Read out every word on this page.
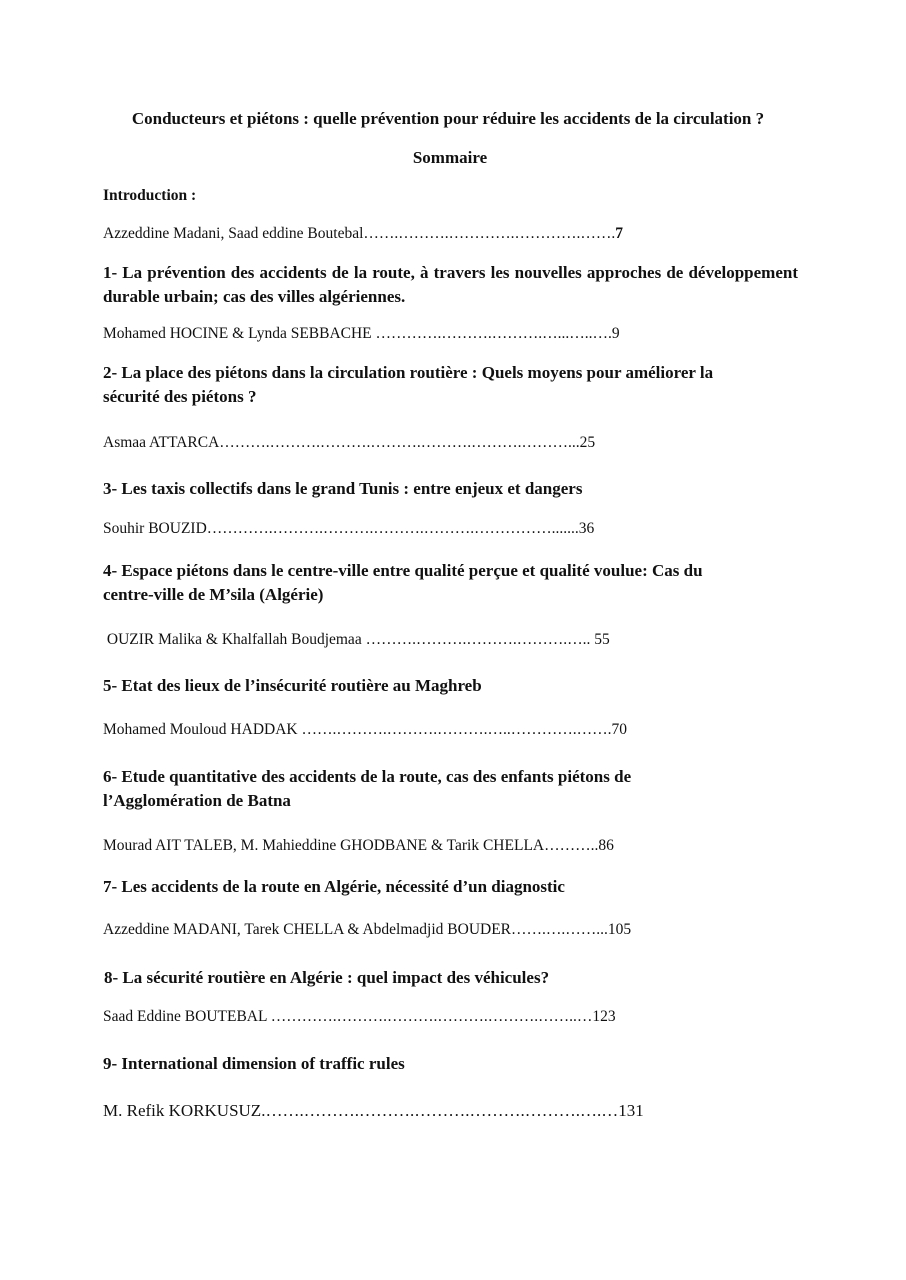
Conducteurs et piétons : quelle prévention pour réduire les accidents de la circulation ?
Sommaire
Introduction :
Azzeddine Madani, Saad eddine Boutebal…….……….………….………….…….7
1- La prévention des accidents de la route, à travers les nouvelles approches de développement durable urbain; cas des villes algériennes.
Mohamed HOCINE & Lynda SEBBACHE ………….……….……….…...…..….9
2- La place des piétons dans la circulation routière : Quels moyens pour améliorer la
sécurité des piétons ?
Asmaa ATTARCA……….……….……….……….……….……….………...25
3- Les taxis collectifs dans le grand Tunis : entre enjeux et dangers
Souhir BOUZID………….……….……….……….……….…………….......36
4- Espace piétons dans le centre-ville entre qualité perçue et qualité voulue: Cas du
centre-ville de M’sila (Algérie)
OUZIR Malika & Khalfallah Boudjemaa ……….……….……….……….….. 55
5- Etat des lieux de l’insécurité routière au Maghreb
Mohamed Mouloud HADDAK …….……….……….……….…..………….…….70
6- Etude quantitative des accidents de la route, cas des enfants piétons de
l’Agglomération de Batna
Mourad AIT TALEB, M. Mahieddine GHODBANE & Tarik CHELLA………..86
7- Les accidents de la route en Algérie, nécessité d’un diagnostic
Azzeddine MADANI, Tarek CHELLA & Abdelmadjid BOUDER…….….……...105
8- La sécurité routière en Algérie : quel impact des véhicules?
Saad Eddine BOUTEBAL ………….……….……….……….……….……..…123
9- International dimension of traffic rules
M. Refik KORKUSUZ.…….……….……….……….……….……….….…131
